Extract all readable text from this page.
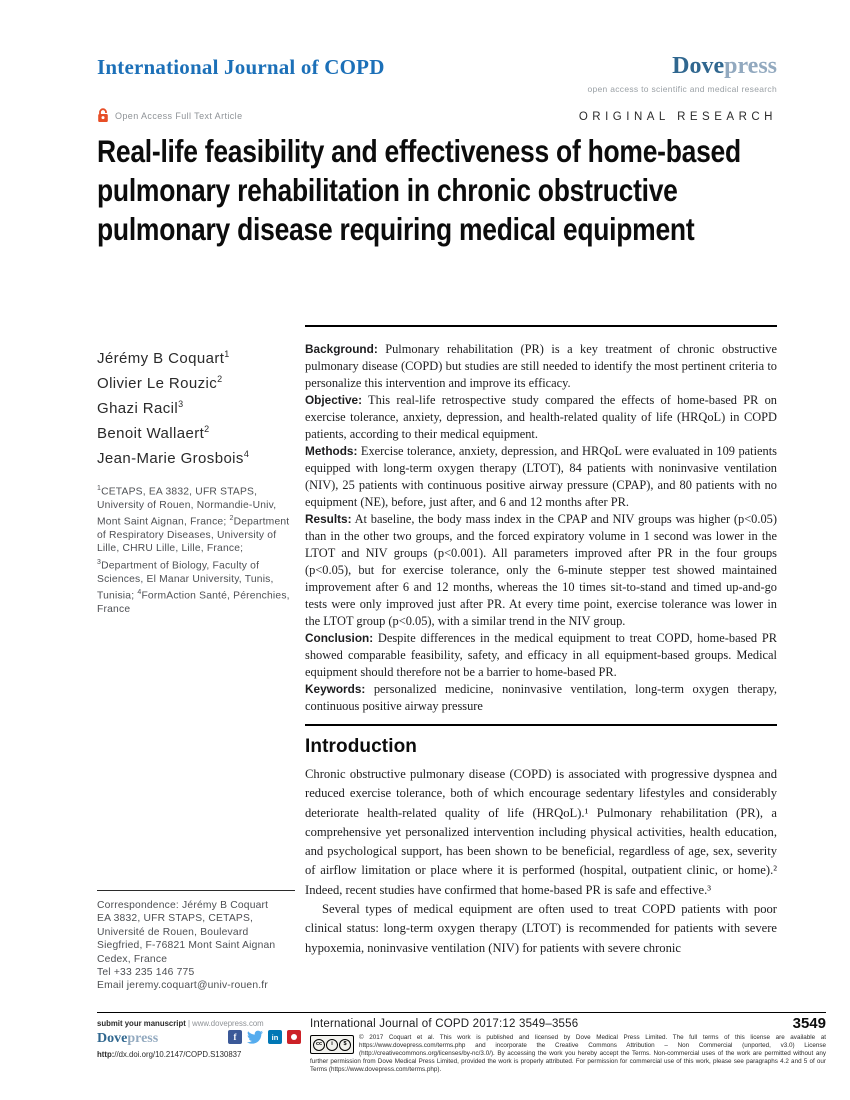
International Journal of COPD	Dovepress
open access to scientific and medical research
Open Access Full Text Article	ORIGINAL RESEARCH
Real-life feasibility and effectiveness of home-based
pulmonary rehabilitation in chronic obstructive
pulmonary disease requiring medical equipment
Jérémy B Coquart$^1$
Olivier Le Rouzic$^2$
Ghazi Racil$^3$
Benoit Wallaert$^2$
Jean-Marie Grosbois$^4$
$^1$CETAPS, EA 3832, UFR STAPS, University of Rouen, Normandie-Univ, Mont Saint Aignan, France; $^2$Department of Respiratory Diseases, University of Lille, CHRU Lille, Lille, France; $^3$Department of Biology, Faculty of Sciences, El Manar University, Tunis, Tunisia; $^4$FormAction Santé, Pérenchies, France
Correspondence: Jérémy B Coquart
EA 3832, UFR STAPS, CETAPS, Université de Rouen, Boulevard Siegfried, F-76821 Mont Saint Aignan Cedex, France
Tel +33 235 146 775
Email jeremy.coquart@univ-rouen.fr

Background: Pulmonary rehabilitation (PR) is a key treatment of chronic obstructive pulmonary disease (COPD) but studies are still needed to identify the most pertinent criteria to personalize this intervention and improve its efficacy.

Objective: This real-life retrospective study compared the effects of home-based PR on exercise tolerance, anxiety, depression, and health-related quality of life (HRQoL) in COPD patients, according to their medical equipment.

Methods: Exercise tolerance, anxiety, depression, and HRQoL were evaluated in 109 patients equipped with long-term oxygen therapy (LTOT), 84 patients with noninvasive ventilation (NIV), 25 patients with continuous positive airway pressure (CPAP), and 80 patients with no equipment (NE), before, just after, and 6 and 12 months after PR.

Results: At baseline, the body mass index in the CPAP and NIV groups was higher (p<0.05) than in the other two groups, and the forced expiratory volume in 1 second was lower in the LTOT and NIV groups (p<0.001). All parameters improved after PR in the four groups (p<0.05), but for exercise tolerance, only the 6-minute stepper test showed maintained improvement after 6 and 12 months, whereas the 10 times sit-to-stand and timed up-and-go tests were only improved just after PR. At every time point, exercise tolerance was lower in the LTOT group (p<0.05), with a similar trend in the NIV group.

Conclusion: Despite differences in the medical equipment to treat COPD, home-based PR showed comparable feasibility, safety, and efficacy in all equipment-based groups. Medical equipment should therefore not be a barrier to home-based PR.

Keywords: personalized medicine, noninvasive ventilation, long-term oxygen therapy, continuous positive airway pressure

Introduction

Chronic obstructive pulmonary disease (COPD) is associated with progressive dyspnea and reduced exercise tolerance, both of which encourage sedentary lifestyles and considerably deteriorate health-related quality of life (HRQoL).¹ Pulmonary rehabilitation (PR), a comprehensive yet personalized intervention including physical activities, health education, and psychological support, has been shown to be beneficial, regardless of age, sex, severity of airflow limitation or place where it is performed (hospital, outpatient clinic, or home).² Indeed, recent studies have confirmed that home-based PR is safe and effective.³

Several types of medical equipment are often used to treat COPD patients with poor clinical status: long-term oxygen therapy (LTOT) is recommended for patients with severe hypoxemia, noninvasive ventilation (NIV) for patients with severe chronic

submit your manuscript | www.dovepress.com
Dovepress	f	in
http://dx.doi.org/10.2147/COPD.S130837
International Journal of COPD 2017:12 3549–3556	3549
cc	i	$
© 2017 Coquart et al. This work is published and licensed by Dove Medical Press Limited. The full terms of this license are available at https://www.dovepress.com/terms.php and incorporate the Creative Commons Attribution – Non Commercial (unported, v3.0) License (http://creativecommons.org/licenses/by-nc/3.0/). By accessing the work you hereby accept the Terms. Non-commercial uses of the work are permitted without any further permission from Dove Medical Press Limited, provided the work is properly attributed. For permission for commercial use of this work, please see paragraphs 4.2 and 5 of our Terms (https://www.dovepress.com/terms.php).
